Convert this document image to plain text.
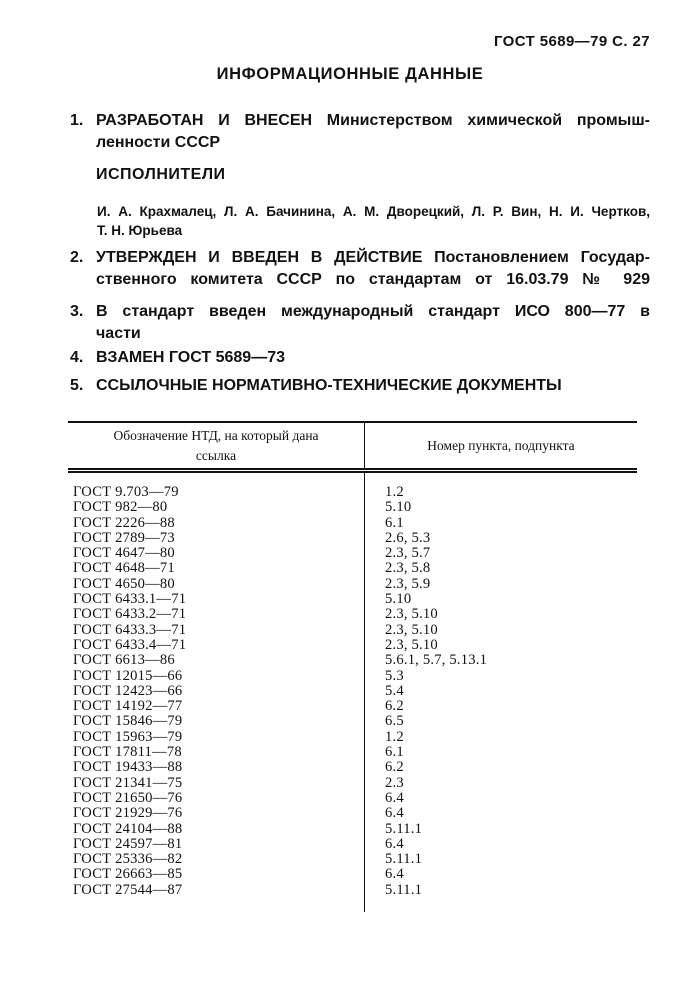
ГОСТ 5689—79 С. 27
ИНФОРМАЦИОННЫЕ ДАННЫЕ
1. РАЗРАБОТАН И ВНЕСЕН Министерством химической промыш-
ленности СССР
ИСПОЛНИТЕЛИ
И. А. Крахмалец, Л. А. Бачинина, А. М. Дворецкий, Л. Р. Вин, Н. И. Чертков,
Т. Н. Юрьева
2. УТВЕРЖДЕН И ВВЕДЕН В ДЕЙСТВИЕ Постановлением Государ-
ственного комитета СССР по стандартам от 16.03.79 № 929
3. В стандарт введен международный стандарт ИСО 800—77 в
части
4. ВЗАМЕН ГОСТ 5689—73
5. ССЫЛОЧНЫЕ НОРМАТИВНО-ТЕХНИЧЕСКИЕ ДОКУМЕНТЫ
Обозначение НТД, на который дана ссылка
Номер пункта, подпункта
ГОСТ 9.703—79	1.2
ГОСТ 982—80	5.10
ГОСТ 2226—88	6.1
ГОСТ 2789—73	2.6, 5.3
ГОСТ 4647—80	2.3, 5.7
ГОСТ 4648—71	2.3, 5.8
ГОСТ 4650—80	2.3, 5.9
ГОСТ 6433.1—71	5.10
ГОСТ 6433.2—71	2.3, 5.10
ГОСТ 6433.3—71	2.3, 5.10
ГОСТ 6433.4—71	2.3, 5.10
ГОСТ 6613—86	5.6.1, 5.7, 5.13.1
ГОСТ 12015—66	5.3
ГОСТ 12423—66	5.4
ГОСТ 14192—77	6.2
ГОСТ 15846—79	6.5
ГОСТ 15963—79	1.2
ГОСТ 17811—78	6.1
ГОСТ 19433—88	6.2
ГОСТ 21341—75	2.3
ГОСТ 21650—76	6.4
ГОСТ 21929—76	6.4
ГОСТ 24104—88	5.11.1
ГОСТ 24597—81	6.4
ГОСТ 25336—82	5.11.1
ГОСТ 26663—85	6.4
ГОСТ 27544—87	5.11.1
